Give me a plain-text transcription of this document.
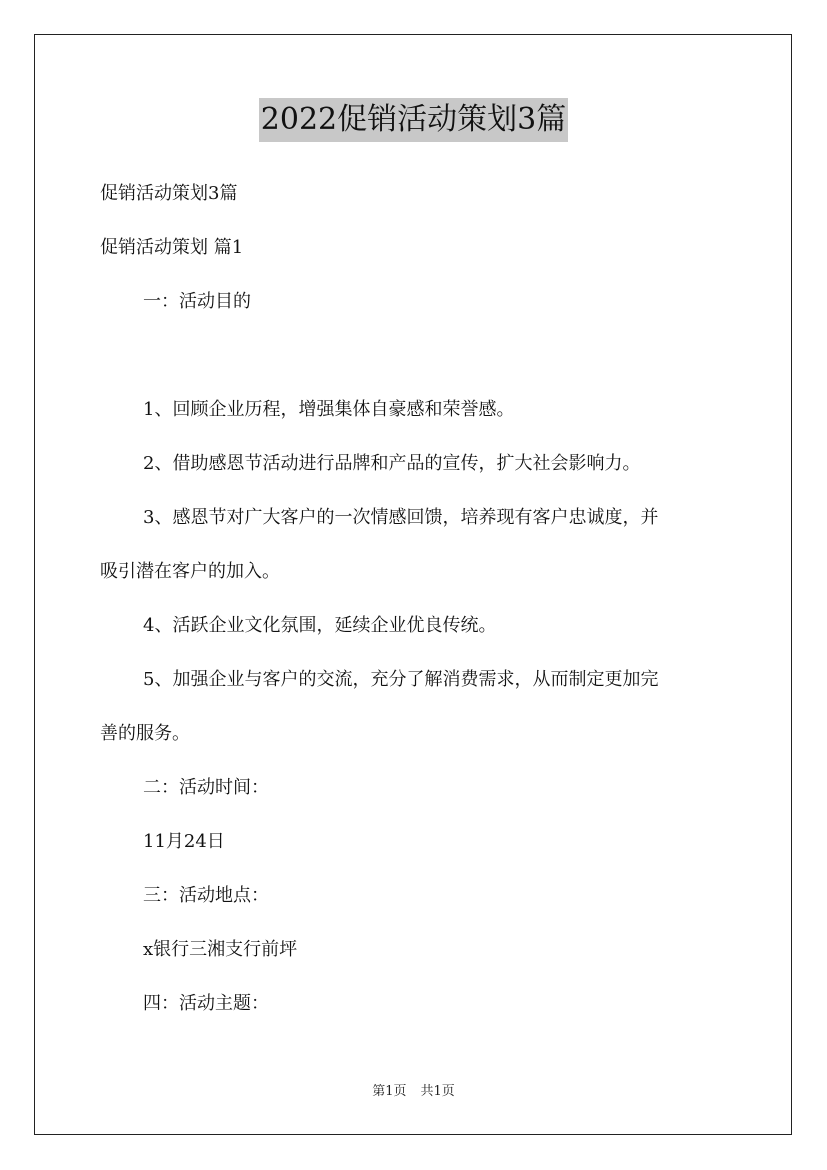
2022促销活动策划3篇
促销活动策划3篇
促销活动策划 篇1
一：活动目的
1、回顾企业历程，增强集体自豪感和荣誉感。
2、借助感恩节活动进行品牌和产品的宣传，扩大社会影响力。
3、感恩节对广大客户的一次情感回馈，培养现有客户忠诚度，并
吸引潜在客户的加入。
4、活跃企业文化氛围，延续企业优良传统。
5、加强企业与客户的交流，充分了解消费需求，从而制定更加完
善的服务。
二：活动时间：
11月24日
三：活动地点：
x银行三湘支行前坪
四：活动主题：
第1页 共1页
